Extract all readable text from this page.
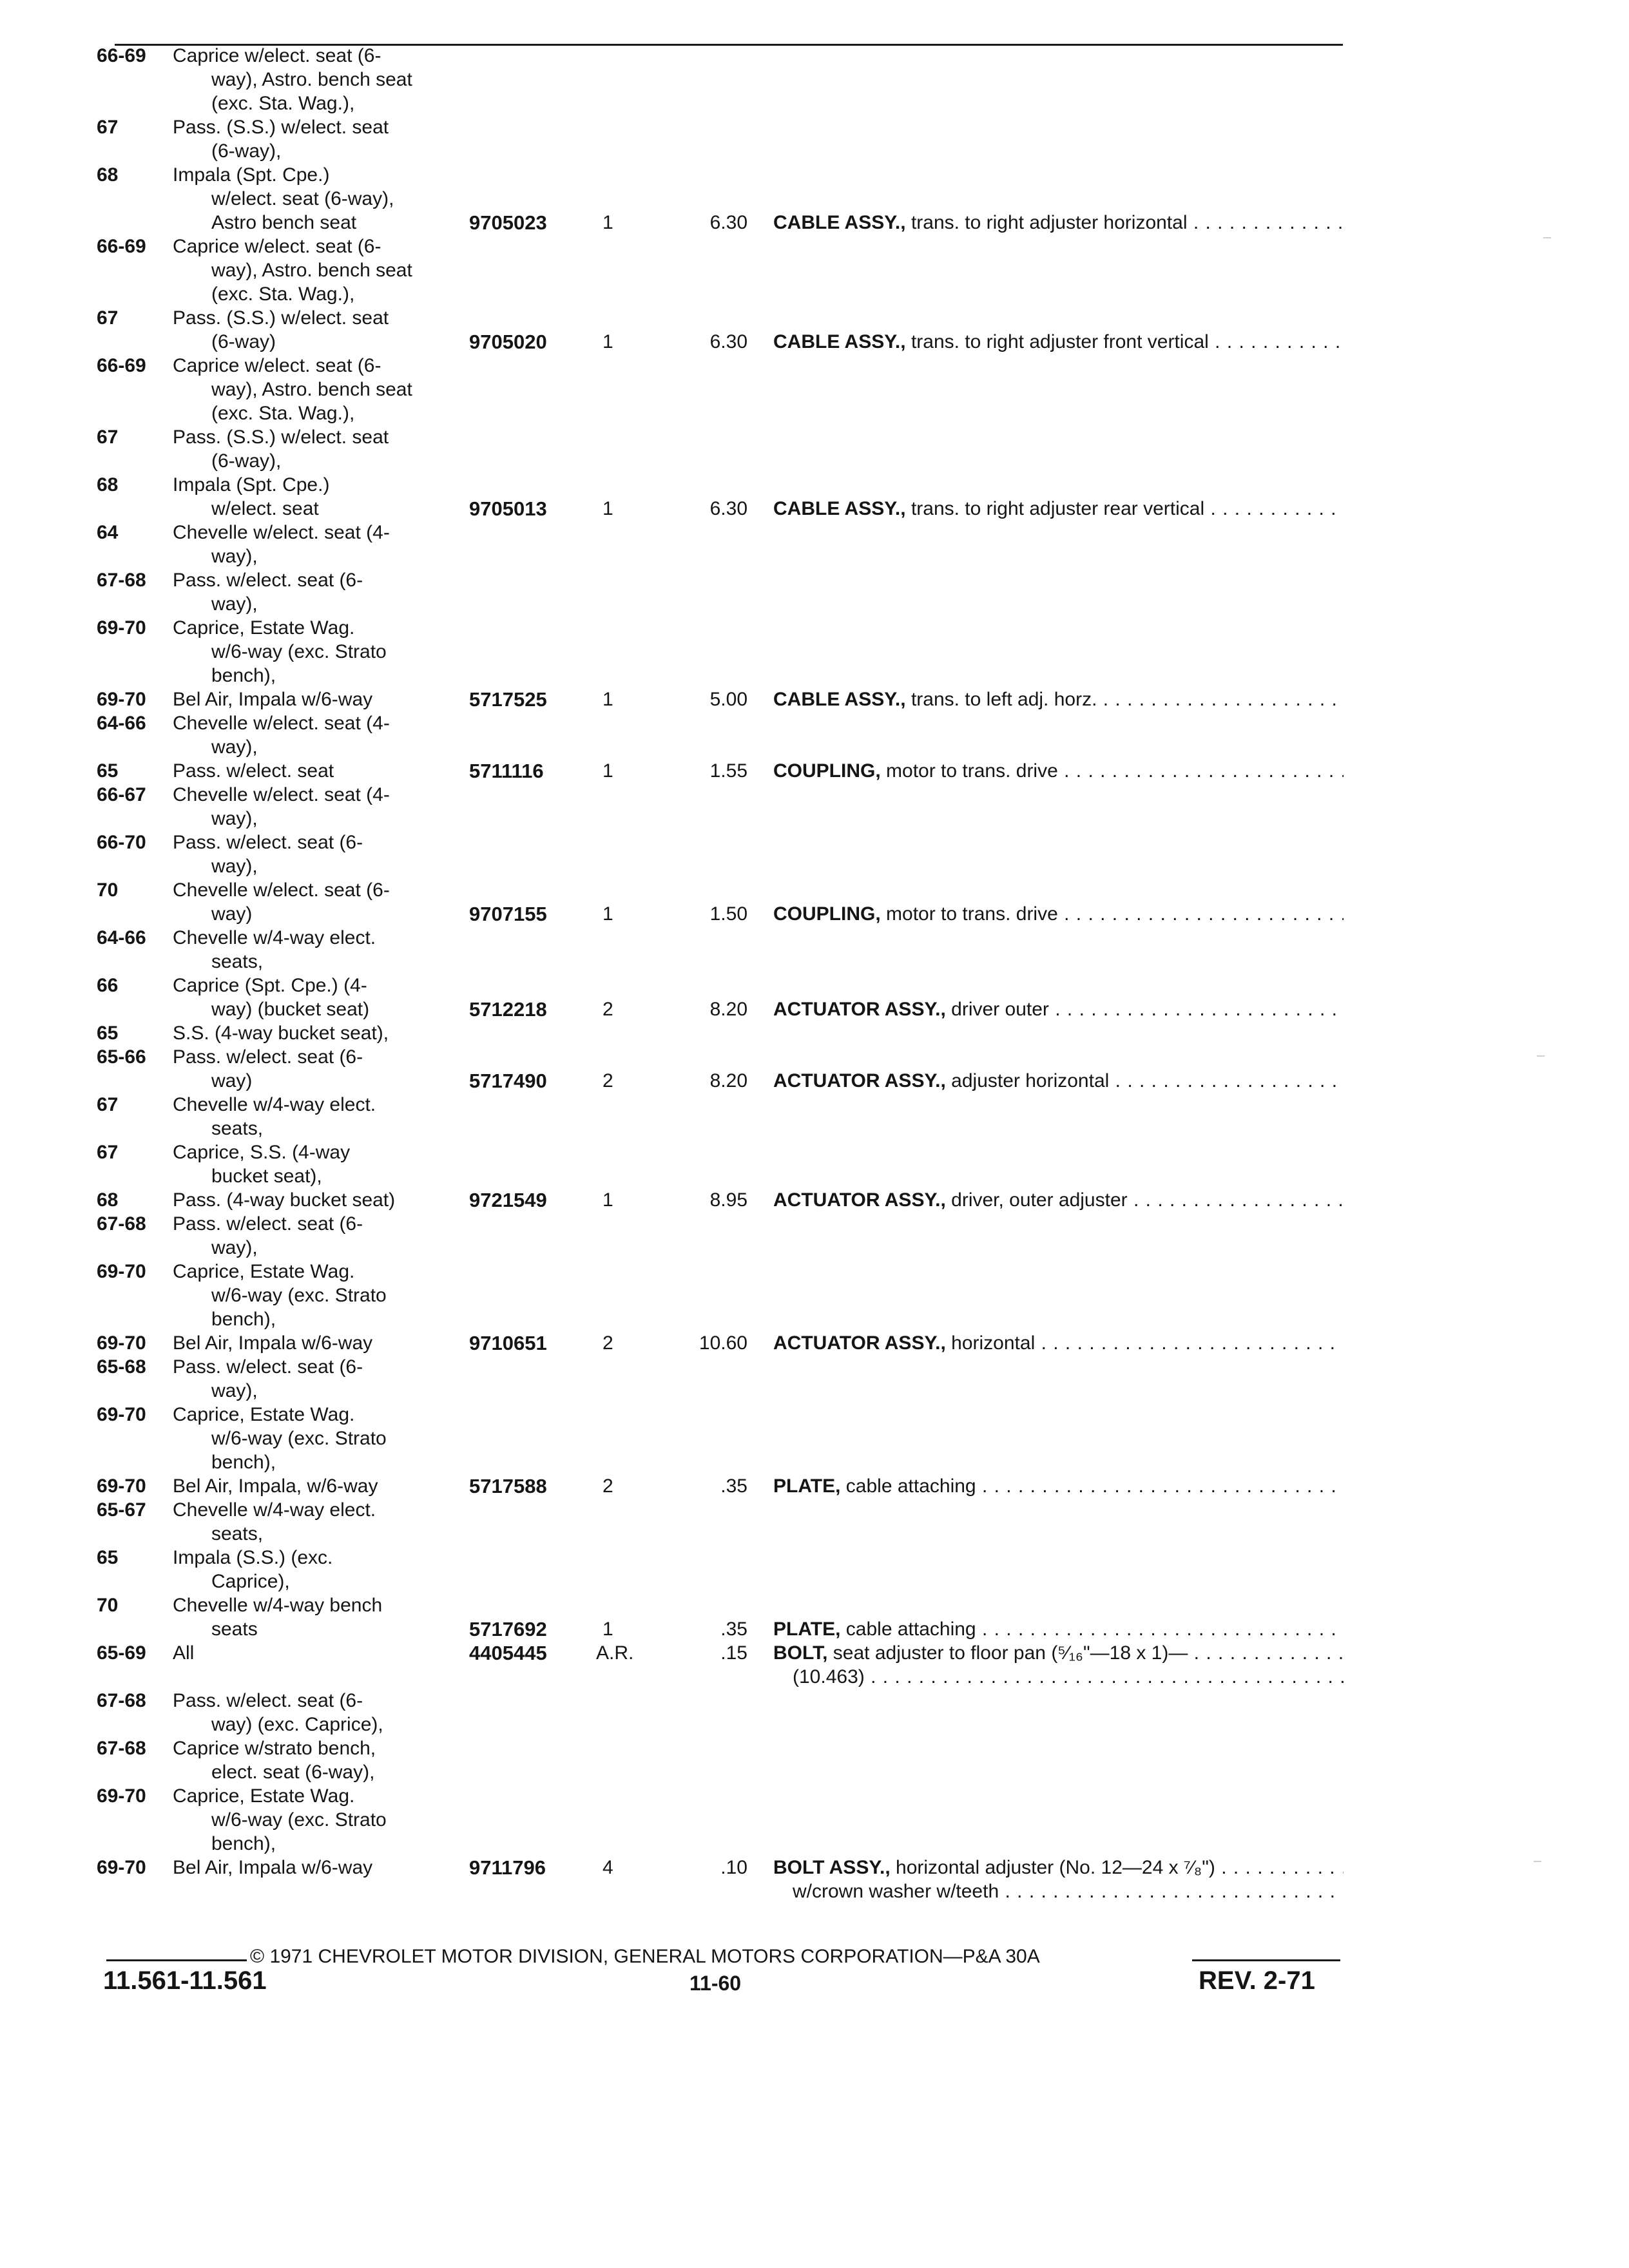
66-69 Caprice w/elect. seat (6-
way), Astro. bench seat
(exc. Sta. Wag.),
67	Pass. (S.S.) w/elect. seat
(6-way),
68	Impala (Spt. Cpe.)
w/elect. seat (6-way),
Astro bench seat	9705023	1	6.30 CABLE ASSY., trans. to right adjuster horizontal . . .
66-69 Caprice w/elect. seat (6-
way), Astro. bench seat
(exc. Sta. Wag.),
67	Pass. (S.S.) w/elect. seat
(6-way)	9705020	1	6.30 CABLE ASSY., trans. to right adjuster front vertical . . .
66-69 Caprice w/elect. seat (6-
way), Astro. bench seat
(exc. Sta. Wag.),
67	Pass. (S.S.) w/elect. seat
(6-way),
68	Impala (Spt. Cpe.)
w/elect. seat	9705013	1	6.30 CABLE ASSY., trans. to right adjuster rear vertical . . .
64	Chevelle w/elect. seat (4-
way),
67-68 Pass. w/elect. seat (6-
way),
69-70 Caprice, Estate Wag.
w/6-way (exc. Strato
bench),
69-70 Bel Air, Impala w/6-way	5717525	1	5.00 CABLE ASSY., trans. to left adj. horz. . . .
64-66 Chevelle w/elect. seat (4-
way),
65	Pass. w/elect. seat	5711116	1	1.55 COUPLING, motor to trans. drive . . .
66-67 Chevelle w/elect. seat (4-
way),
66-70 Pass. w/elect. seat (6-
way),
70	Chevelle w/elect. seat (6-
way)	9707155	1	1.50 COUPLING, motor to trans. drive . . .
64-66 Chevelle w/4-way elect.
seats,
66	Caprice (Spt. Cpe.) (4-
way) (bucket seat)	5712218	2	8.20 ACTUATOR ASSY., driver outer . . .
65	S.S. (4-way bucket seat),
65-66 Pass. w/elect. seat (6-
way)	5717490	2	8.20 ACTUATOR ASSY., adjuster horizontal . . .
67	Chevelle w/4-way elect.
seats,
67	Caprice, S.S. (4-way
bucket seat),
68	Pass. (4-way bucket seat)	9721549	1	8.95 ACTUATOR ASSY., driver, outer adjuster . . .
67-68 Pass. w/elect. seat (6-
way),
69-70 Caprice, Estate Wag.
w/6-way (exc. Strato
bench),
69-70 Bel Air, Impala w/6-way	9710651	2	10.60 ACTUATOR ASSY., horizontal . . .
65-68 Pass. w/elect. seat (6-
way),
69-70 Caprice, Estate Wag.
w/6-way (exc. Strato
bench),
69-70 Bel Air, Impala, w/6-way	5717588	2	.35 PLATE, cable attaching . . .
65-67 Chevelle w/4-way elect.
seats,
65	Impala (S.S.) (exc.
Caprice),
70	Chevelle w/4-way bench
seats	5717692	1	.35 PLATE, cable attaching . . .
65-69 All	4405445	A.R.	.15 BOLT, seat adjuster to floor pan (⁵⁄₁₆"—18 x 1)— . . .
(10.463) . . .
67-68 Pass. w/elect. seat (6-
way) (exc. Caprice),
67-68 Caprice w/strato bench,
elect. seat (6-way),
69-70 Caprice, Estate Wag.
w/6-way (exc. Strato
bench),
69-70 Bel Air, Impala w/6-way	9711796	4	.10 BOLT ASSY., horizontal adjuster (No. 12—24 x ⁷⁄₈") . . .
w/crown washer w/teeth . . .
© 1971 CHEVROLET MOTOR DIVISION, GENERAL MOTORS CORPORATION—P&A 30A
11.561-11.561	11-60	REV. 2-71
